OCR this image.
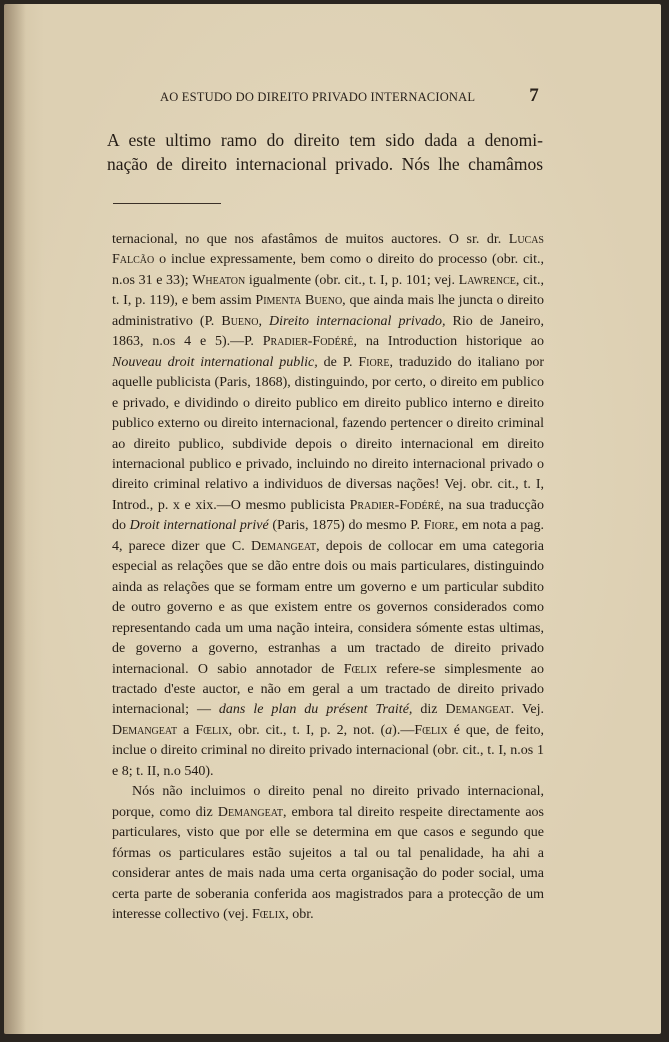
AO ESTUDO DO DIREITO PRIVADO INTERNACIONAL	7
A este ultimo ramo do direito tem sido dada a denomi-
nação de direito internacional privado. Nós lhe chamâmos

ternacional, no que nos afastâmos de muitos auctores. O sr. dr. Lucas Falcão o inclue expressamente, bem como o direito do processo (obr. cit., n.os 31 e 33); Wheaton igualmente (obr. cit., t. I, p. 101; vej. Lawrence, cit., t. I, p. 119), e bem assim Pimenta Bueno, que ainda mais lhe juncta o direito administrativo (P. Bueno, Direito internacional privado, Rio de Janeiro, 1863, n.os 4 e 5).—P. Pradier-Fodéré, na Introduction historique ao Nouveau droit international public, de P. Fiore, traduzido do italiano por aquelle publicista (Paris, 1868), distinguindo, por certo, o direito em publico e privado, e dividindo o direito publico em direito publico interno e direito publico externo ou direito internacional, fazendo pertencer o direito criminal ao direito publico, subdivide depois o direito internacional em direito internacional publico e privado, incluindo no direito internacional privado o direito criminal relativo a individuos de diversas nações! Vej. obr. cit., t. I, Introd., p. x e xix.—O mesmo publicista Pradier-Fodéré, na sua traducção do Droit international privé (Paris, 1875) do mesmo P. Fiore, em nota a pag. 4, parece dizer que C. Demangeat, depois de collocar em uma categoria especial as relações que se dão entre dois ou mais particulares, distinguindo ainda as relações que se formam entre um governo e um particular subdito de outro governo e as que existem entre os governos considerados como representando cada um uma nação inteira, considera sómente estas ultimas, de governo a governo, estranhas a um tractado de direito privado internacional. O sabio annotador de Fœlix refere-se simplesmente ao tractado d'este auctor, e não em geral a um tractado de direito privado internacional; — dans le plan du présent Traité, diz Demangeat. Vej. Demangeat a Fœlix, obr. cit., t. I, p. 2, not. (a).—Fœlix é que, de feito, inclue o direito criminal no direito privado internacional (obr. cit., t. I, n.os 1 e 8; t. II, n.o 540).

Nós não incluimos o direito penal no direito privado internacional, porque, como diz Demangeat, embora tal direito respeite directamente aos particulares, visto que por elle se determina em que casos e segundo que fórmas os particulares estão sujeitos a tal ou tal penalidade, ha ahi a considerar antes de mais nada uma certa organisação do poder social, uma certa parte de soberania conferida aos magistrados para a protecção de um interesse collectivo (vej. Fœlix, obr.
